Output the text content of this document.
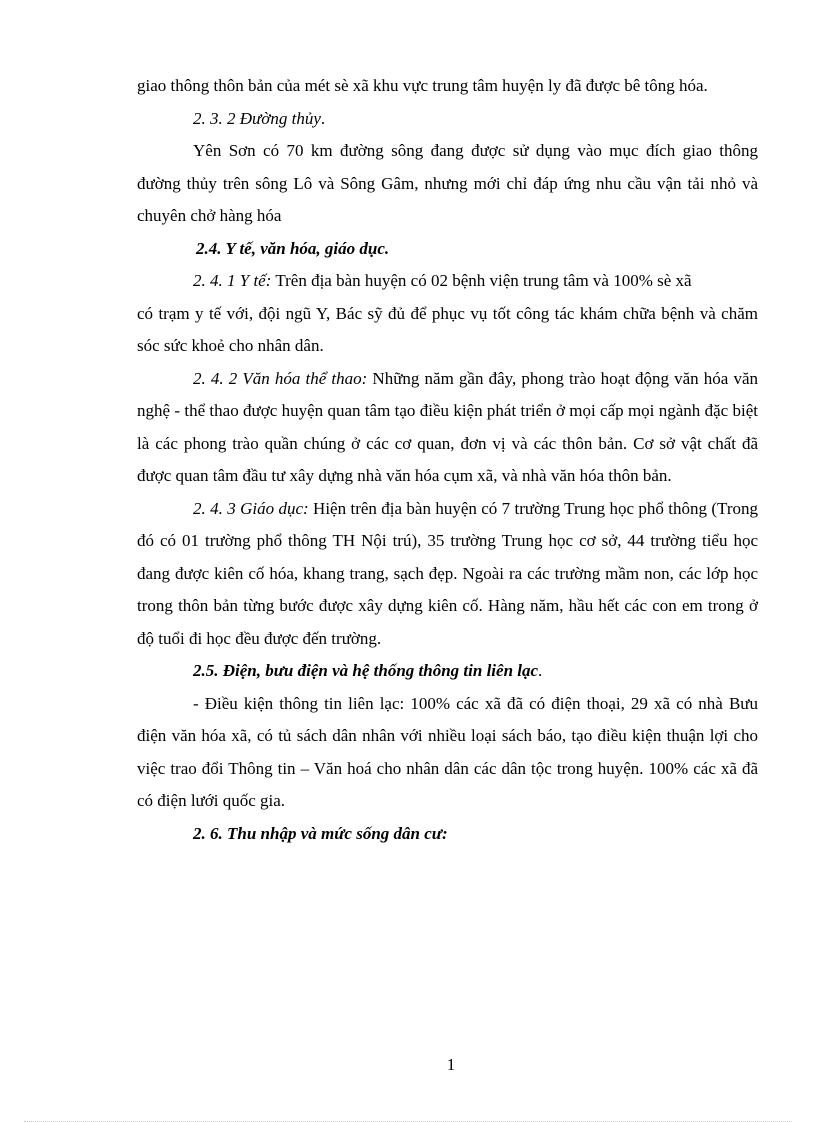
giao thông thôn bản của mét sè xã khu vực trung tâm huyện ly đã được bê tông hóa.

2. 3. 2 Đường thủy.

Yên Sơn có 70 km đường sông đang được sử dụng vào mục đích giao thông đường thủy trên sông Lô và Sông Gâm, nhưng mới chỉ đáp ứng nhu cầu vận tải nhỏ và chuyên chở hàng hóa

2.4. Y tế, văn hóa, giáo dục.

2. 4. 1 Y tế: Trên địa bàn huyện có 02 bệnh viện trung tâm và 100% sè xã

có trạm y tế với, đội ngũ Y, Bác sỹ đủ để phục vụ tốt công tác khám chữa bệnh và chăm sóc sức khoẻ cho nhân dân.

2. 4. 2 Văn hóa thể thao: Những năm gần đây, phong trào hoạt động văn hóa văn nghệ - thể thao được huyện quan tâm tạo điều kiện phát triển ở mọi cấp mọi ngành đặc biệt là các phong trào quần chúng ở các cơ quan, đơn vị và các thôn bản. Cơ sở vật chất đã được quan tâm đầu tư xây dựng nhà văn hóa cụm xã, và nhà văn hóa thôn bản.

2. 4. 3 Giáo dục: Hiện trên địa bàn huyện có 7 trường Trung học phổ thông (Trong đó có 01 trường phổ thông TH Nội trú), 35 trường Trung học cơ sở, 44 trường tiểu học đang được kiên cố hóa, khang trang, sạch đẹp. Ngoài ra các trường mầm non, các lớp học trong thôn bản từng bước được xây dựng kiên cố. Hàng năm, hầu hết các con em trong ở độ tuổi đi học đều được đến trường.

2.5. Điện, bưu điện và hệ thống thông tin liên lạc.

- Điều kiện thông tin liên lạc: 100% các xã đã có điện thoại, 29 xã có nhà Bưu điện văn hóa xã, có tủ sách dân nhân với nhiều loại sách báo, tạo điều kiện thuận lợi cho việc trao đổi Thông tin – Văn hoá cho nhân dân các dân tộc trong huyện. 100% các xã đã có điện lưới quốc gia.

2. 6. Thu nhập và mức sống dân cư:

1
